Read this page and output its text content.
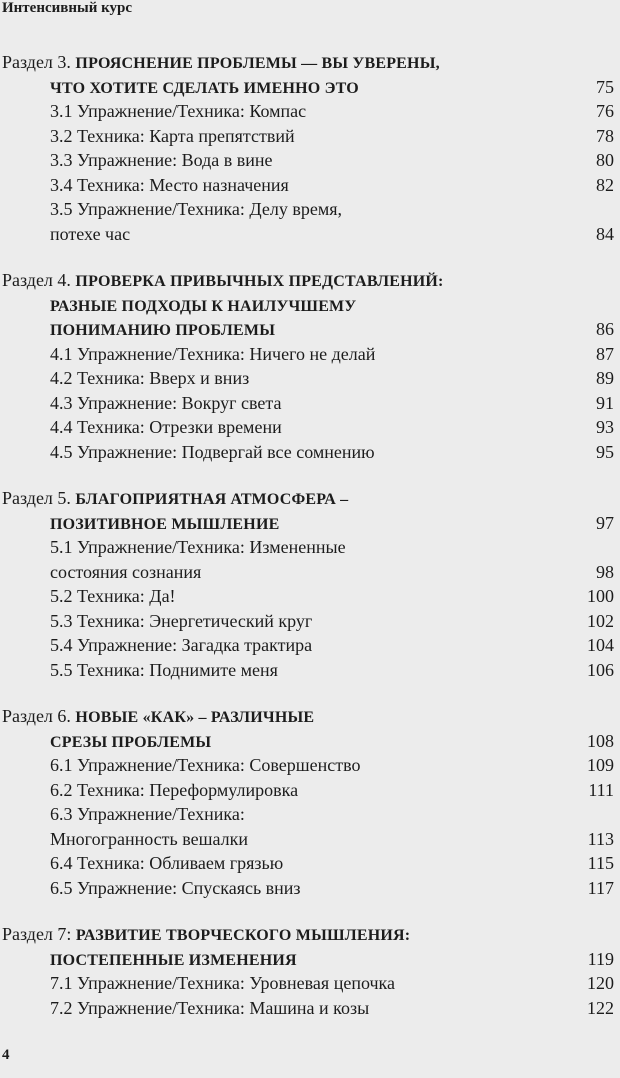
Интенсивный курс
Раздел 3. ПРОЯСНЕНИЕ ПРОБЛЕМЫ — ВЫ УВЕРЕНЫ,
ЧТО ХОТИТЕ СДЕЛАТЬ ИМЕННО ЭТО	75
3.1 Упражнение/Техника: Компас	76
3.2 Техника: Карта препятствий	78
3.3 Упражнение: Вода в вине	80
3.4 Техника: Место назначения	82
3.5 Упражнение/Техника: Делу время,
потехе час	84
Раздел 4. ПРОВЕРКА ПРИВЫЧНЫХ ПРЕДСТАВЛЕНИЙ:
РАЗНЫЕ ПОДХОДЫ К НАИЛУЧШЕМУ
ПОНИМАНИЮ ПРОБЛЕМЫ	86
4.1 Упражнение/Техника: Ничего не делай	87
4.2 Техника: Вверх и вниз	89
4.3 Упражнение: Вокруг света	91
4.4 Техника: Отрезки времени	93
4.5 Упражнение: Подвергай все сомнению	95
Раздел 5. БЛАГОПРИЯТНАЯ АТМОСФЕРА –
ПОЗИТИВНОЕ МЫШЛЕНИЕ	97
5.1 Упражнение/Техника: Измененные
состояния сознания	98
5.2 Техника: Да!	100
5.3 Техника: Энергетический круг	102
5.4 Упражнение: Загадка трактира	104
5.5 Техника: Поднимите меня	106
Раздел 6. НОВЫЕ «КАК» – РАЗЛИЧНЫЕ
СРЕЗЫ ПРОБЛЕМЫ	108
6.1 Упражнение/Техника: Совершенство	109
6.2 Техника: Переформулировка	111
6.3 Упражнение/Техника:
Многогранность вешалки	113
6.4 Техника: Обливаем грязью	115
6.5 Упражнение: Спускаясь вниз	117
Раздел 7: РАЗВИТИЕ ТВОРЧЕСКОГО МЫШЛЕНИЯ:
ПОСТЕПЕННЫЕ ИЗМЕНЕНИЯ	119
7.1 Упражнение/Техника: Уровневая цепочка	120
7.2 Упражнение/Техника: Машина и козы	122
4
